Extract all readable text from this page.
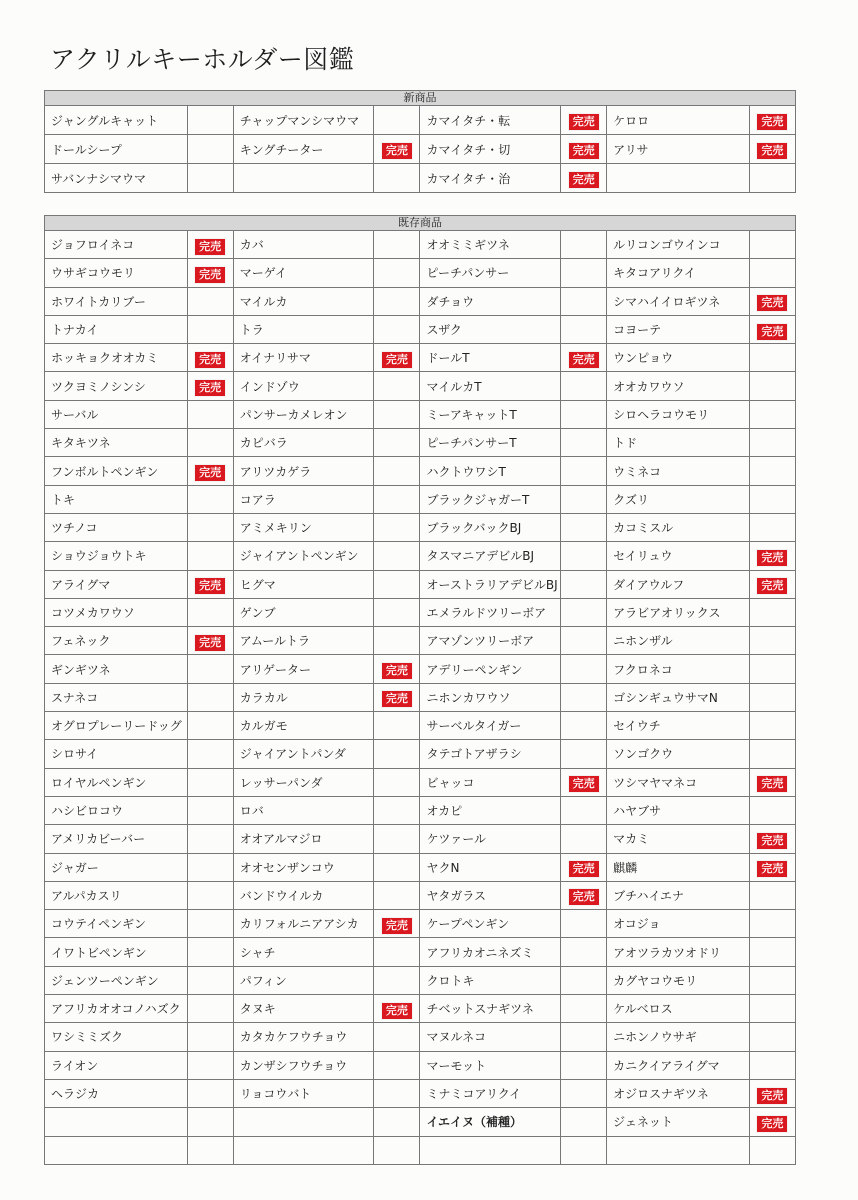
アクリルキーホルダー図鑑
新商品							
ジャングルキャット		チャップマンシマウマ		カマイタチ・転	完売	ケロロ	完売
ドールシープ		キングチーター	完売	カマイタチ・切	完売	アリサ	完売
サバンナシマウマ				カマイタチ・治	完売		
既存商品							
ジョフロイネコ	完売	カバ		オオミミギツネ		ルリコンゴウインコ	
ウサギコウモリ	完売	マーゲイ		ピーチパンサー		キタコアリクイ	
ホワイトカリブー		マイルカ		ダチョウ		シマハイイロギツネ	完売
トナカイ		トラ		スザク		コヨーテ	完売
ホッキョクオオカミ	完売	オイナリサマ	完売	ドールT	完売	ウンピョウ	
ツクヨミノシンシ	完売	インドゾウ		マイルカT		オオカワウソ	
サーバル		パンサーカメレオン		ミーアキャットT		シロヘラコウモリ	
キタキツネ		カピバラ		ピーチパンサーT		トド	
フンボルトペンギン	完売	アリツカゲラ		ハクトウワシT		ウミネコ	
トキ		コアラ		ブラックジャガーT		クズリ	
ツチノコ		アミメキリン		ブラックバックBJ		カコミスル	
ショウジョウトキ		ジャイアントペンギン		タスマニアデビルBJ		セイリュウ	完売
アライグマ	完売	ヒグマ		オーストラリアデビルBJ		ダイアウルフ	完売
コツメカワウソ		ゲンブ		エメラルドツリーボア		アラビアオリックス	
フェネック	完売	アムールトラ		アマゾンツリーボア		ニホンザル	
ギンギツネ		アリゲーター	完売	アデリーペンギン		フクロネコ	
スナネコ		カラカル	完売	ニホンカワウソ		ゴシンギュウサマN	
オグロプレーリードッグ		カルガモ		サーベルタイガー		セイウチ	
シロサイ		ジャイアントパンダ		タテゴトアザラシ		ソンゴクウ	
ロイヤルペンギン		レッサーパンダ		ビャッコ	完売	ツシマヤマネコ	完売
ハシビロコウ		ロバ		オカピ		ハヤブサ	
アメリカビーバー		オオアルマジロ		ケツァール		マカミ	完売
ジャガー		オオセンザンコウ		ヤクN	完売	麒麟	完売
アルパカスリ		バンドウイルカ		ヤタガラス	完売	ブチハイエナ	
コウテイペンギン		カリフォルニアアシカ	完売	ケープペンギン		オコジョ	
イワトビペンギン		シャチ		アフリカオニネズミ		アオツラカツオドリ	
ジェンツーペンギン		パフィン		クロトキ		カグヤコウモリ	
アフリカオオコノハズク		タヌキ	完売	チベットスナギツネ		ケルベロス	
ワシミミズク		カタカケフウチョウ		マヌルネコ		ニホンノウサギ	
ライオン		カンザシフウチョウ		マーモット		カニクイアライグマ	
ヘラジカ		リョコウバト		ミナミコアリクイ		オジロスナギツネ	完売
				イエイヌ（補種）		ジェネット	完売
